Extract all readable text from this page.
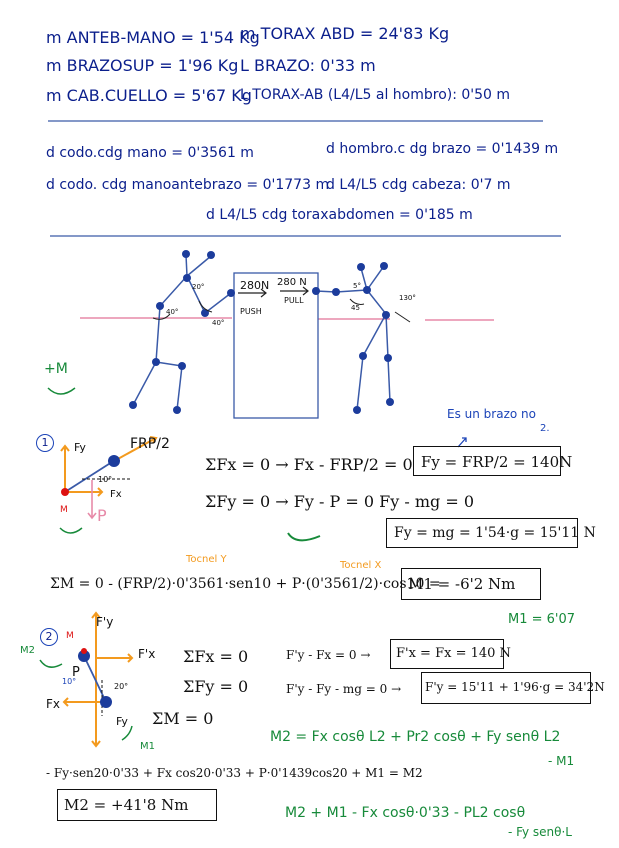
m ANTEB-MANO = 1'54 Kg
m BRAZOSUP = 1'96 Kg
m CAB.CUELLO = 5'67 Kg
m TORAX ABD = 24'83 Kg
L BRAZO: 0'33 m
L TORAX-AB (L4/L5 al hombro): 0'50 m
d codo.cdg mano = 0'3561 m	d hombro.c dg brazo = 0'1439 m
d codo. cdg manoantebrazo = 0'1773 m
d L4/L5 cdg cabeza: 0'7 m
d L4/L5 cdg toraxabdomen = 0'185 m
280N
PUSH
280 N
PULL
20°
40°
40°
5°
45
130°
+M
Es un brazo no
2.
1	Fy	FRP/2
10°
Fx
M P
ΣFx = 0 → Fx - FRP/2 = 0 Fy = FRP/2 = 140N
ΣFy = 0 → Fy - P = 0 Fy - mg = 0
Fy = mg = 1'54·g = 15'11 N
Tocnel Y
Tocnel X
ΣM = 0 - (FRP/2)·0'3561·sen10 + P·(0'3561/2)·cos10 =
M1 = -6'2 Nm
M1 = 6'07
2
M2
F'y
F'x
M
P
10°
20°
Fx
Fy
M1
ΣFx = 0
ΣFy = 0
ΣM = 0
F'y - Fx = 0 → F'x = Fx = 140 N
F'y - Fy - mg = 0 → F'y = 15'11 + 1'96·g = 34'2N
M2 = Fx cosθ L2 + Pr2 cosθ + Fy senθ L2
- M1
- Fy·sen20·0'33 + Fx cos20·0'33 + P·0'1439cos20 + M1 = M2
M2 = +41'8 Nm	M2 + M1 - Fx cosθ·0'33 - PL2 cosθ
- Fy senθ·L
